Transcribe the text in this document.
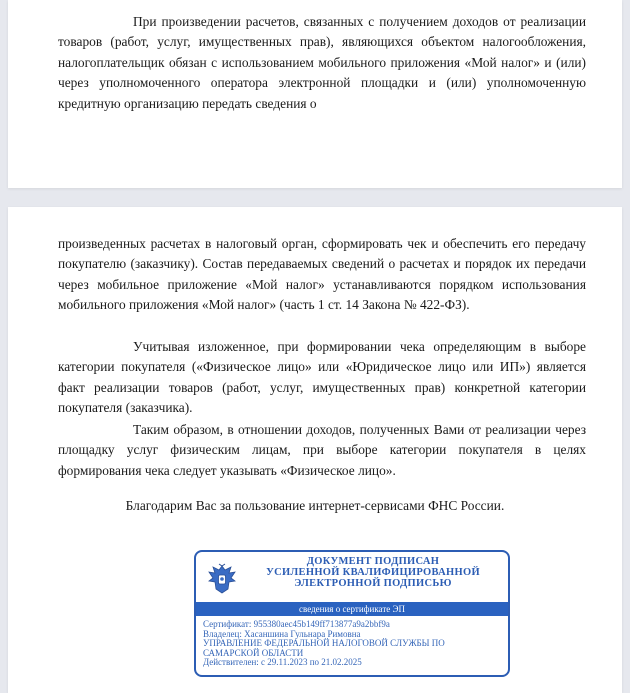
При произведении расчетов, связанных с получением доходов от реализации товаров (работ, услуг, имущественных прав), являющихся объектом налогообложения, налогоплательщик обязан с использованием мобильного приложения «Мой налог» и (или) через уполномоченного оператора электронной площадки и (или) уполномоченную кредитную организацию передать сведения о

произведенных расчетах в налоговый орган, сформировать чек и обеспечить его передачу покупателю (заказчику). Состав передаваемых сведений о расчетах и порядок их передачи через мобильное приложение «Мой налог» устанавливаются порядком использования мобильного приложения «Мой налог» (часть 1 ст. 14 Закона № 422-ФЗ).

Учитывая изложенное, при формировании чека определяющим в выборе категории покупателя («Физическое лицо» или «Юридическое лицо или ИП») является факт реализации товаров (работ, услуг, имущественных прав) конкретной категории покупателя (заказчика).

Таким образом, в отношении доходов, полученных Вами от реализации через площадку услуг физическим лицам, при выборе категории покупателя в целях формирования чека следует указывать «Физическое лицо».

Благодарим Вас за пользование интернет-сервисами ФНС России.
ДОКУМЕНТ ПОДПИСАН
УСИЛЕННОЙ КВАЛИФИЦИРОВАННОЙ
ЭЛЕКТРОННОЙ ПОДПИСЬЮ
сведения о сертификате ЭП
Сертификат: 955380aec45b149ff713877a9a2bbf9a
Владелец: Хасаншина Гульнара Римовна
УПРАВЛЕНИЕ ФЕДЕРАЛЬНОЙ НАЛОГОВОЙ СЛУЖБЫ ПО САМАРСКОЙ ОБЛАСТИ
Действителен: с 29.11.2023 по 21.02.2025
